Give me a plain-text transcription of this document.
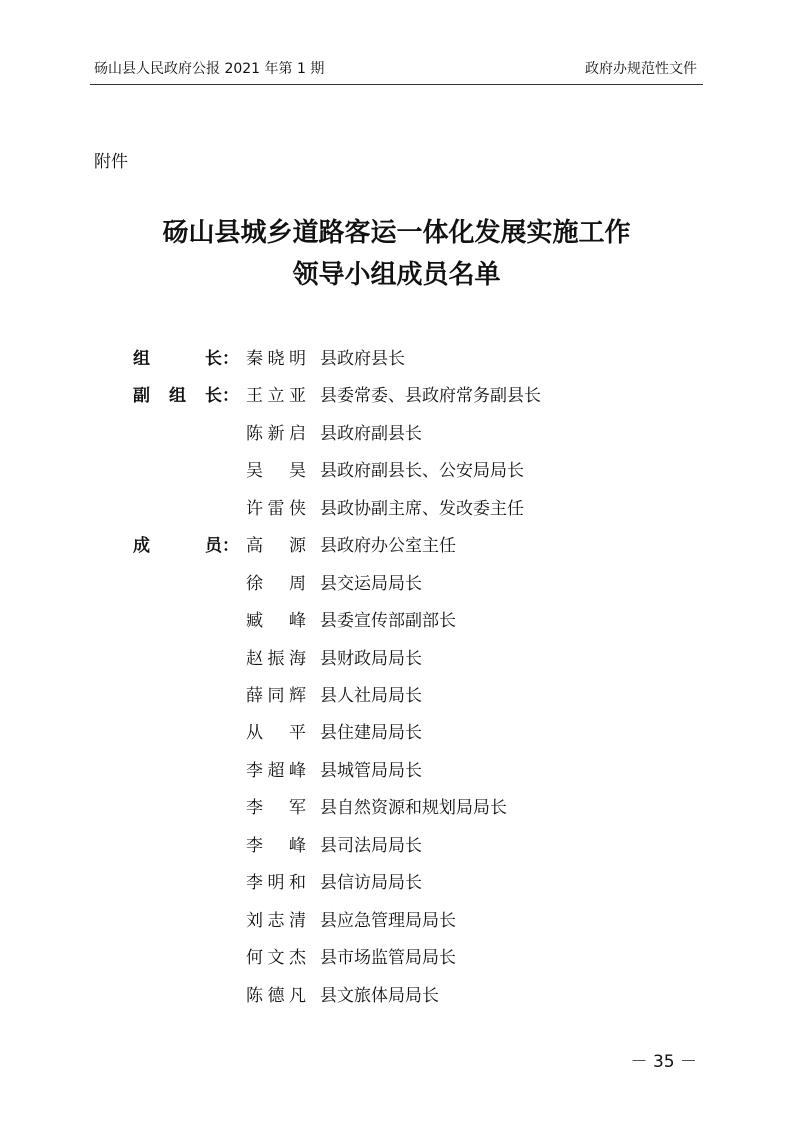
砀山县人民政府公报 2021 年第 1 期	政府办规范性文件
附件
砀山县城乡道路客运一体化发展实施工作
领导小组成员名单
组	长： 秦晓明 县政府县长
副 组 长： 王立亚 县委常委、县政府常务副县长
陈新启 县政府副县长
吴　昊 县政府副县长、公安局局长
许雷侠 县政协副主席、发改委主任
成	员： 高　源 县政府办公室主任
徐　周 县交运局局长
臧　峰 县委宣传部副部长
赵振海 县财政局局长
薛同辉 县人社局局长
从　平 县住建局局长
李超峰 县城管局局长
李　军 县自然资源和规划局局长
李　峰 县司法局局长
李明和 县信访局局长
刘志清 县应急管理局局长
何文杰 县市场监管局局长
陈德凡 县文旅体局局长
－ 35 －
